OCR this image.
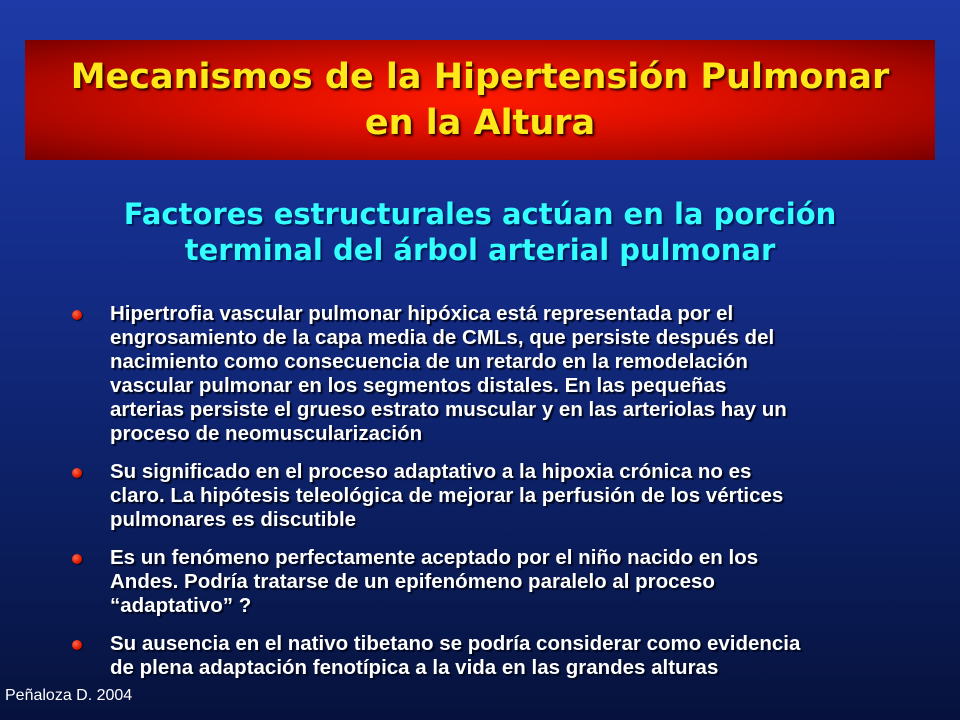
Mecanismos de la Hipertensión Pulmonar
en la Altura
Factores estructurales actúan en la porción
terminal del árbol arterial pulmonar
Hipertrofia vascular pulmonar hipóxica está representada por el
engrosamiento de la capa media de CMLs, que persiste después del
nacimiento como consecuencia de un retardo en la remodelación
vascular pulmonar en los segmentos distales. En las pequeñas
arterias persiste el grueso estrato muscular y en las arteriolas hay un
proceso de neomuscularización
Su significado en el proceso adaptativo a la hipoxia crónica no es
claro. La hipótesis teleológica de mejorar la perfusión de los vértices
pulmonares es discutible
Es un fenómeno perfectamente aceptado por el niño nacido en los
Andes. Podría tratarse de un epifenómeno paralelo al proceso
“adaptativo” ?
Su ausencia en el nativo tibetano se podría considerar como evidencia
de plena adaptación fenotípica a la vida en las grandes alturas
Peñaloza D. 2004
